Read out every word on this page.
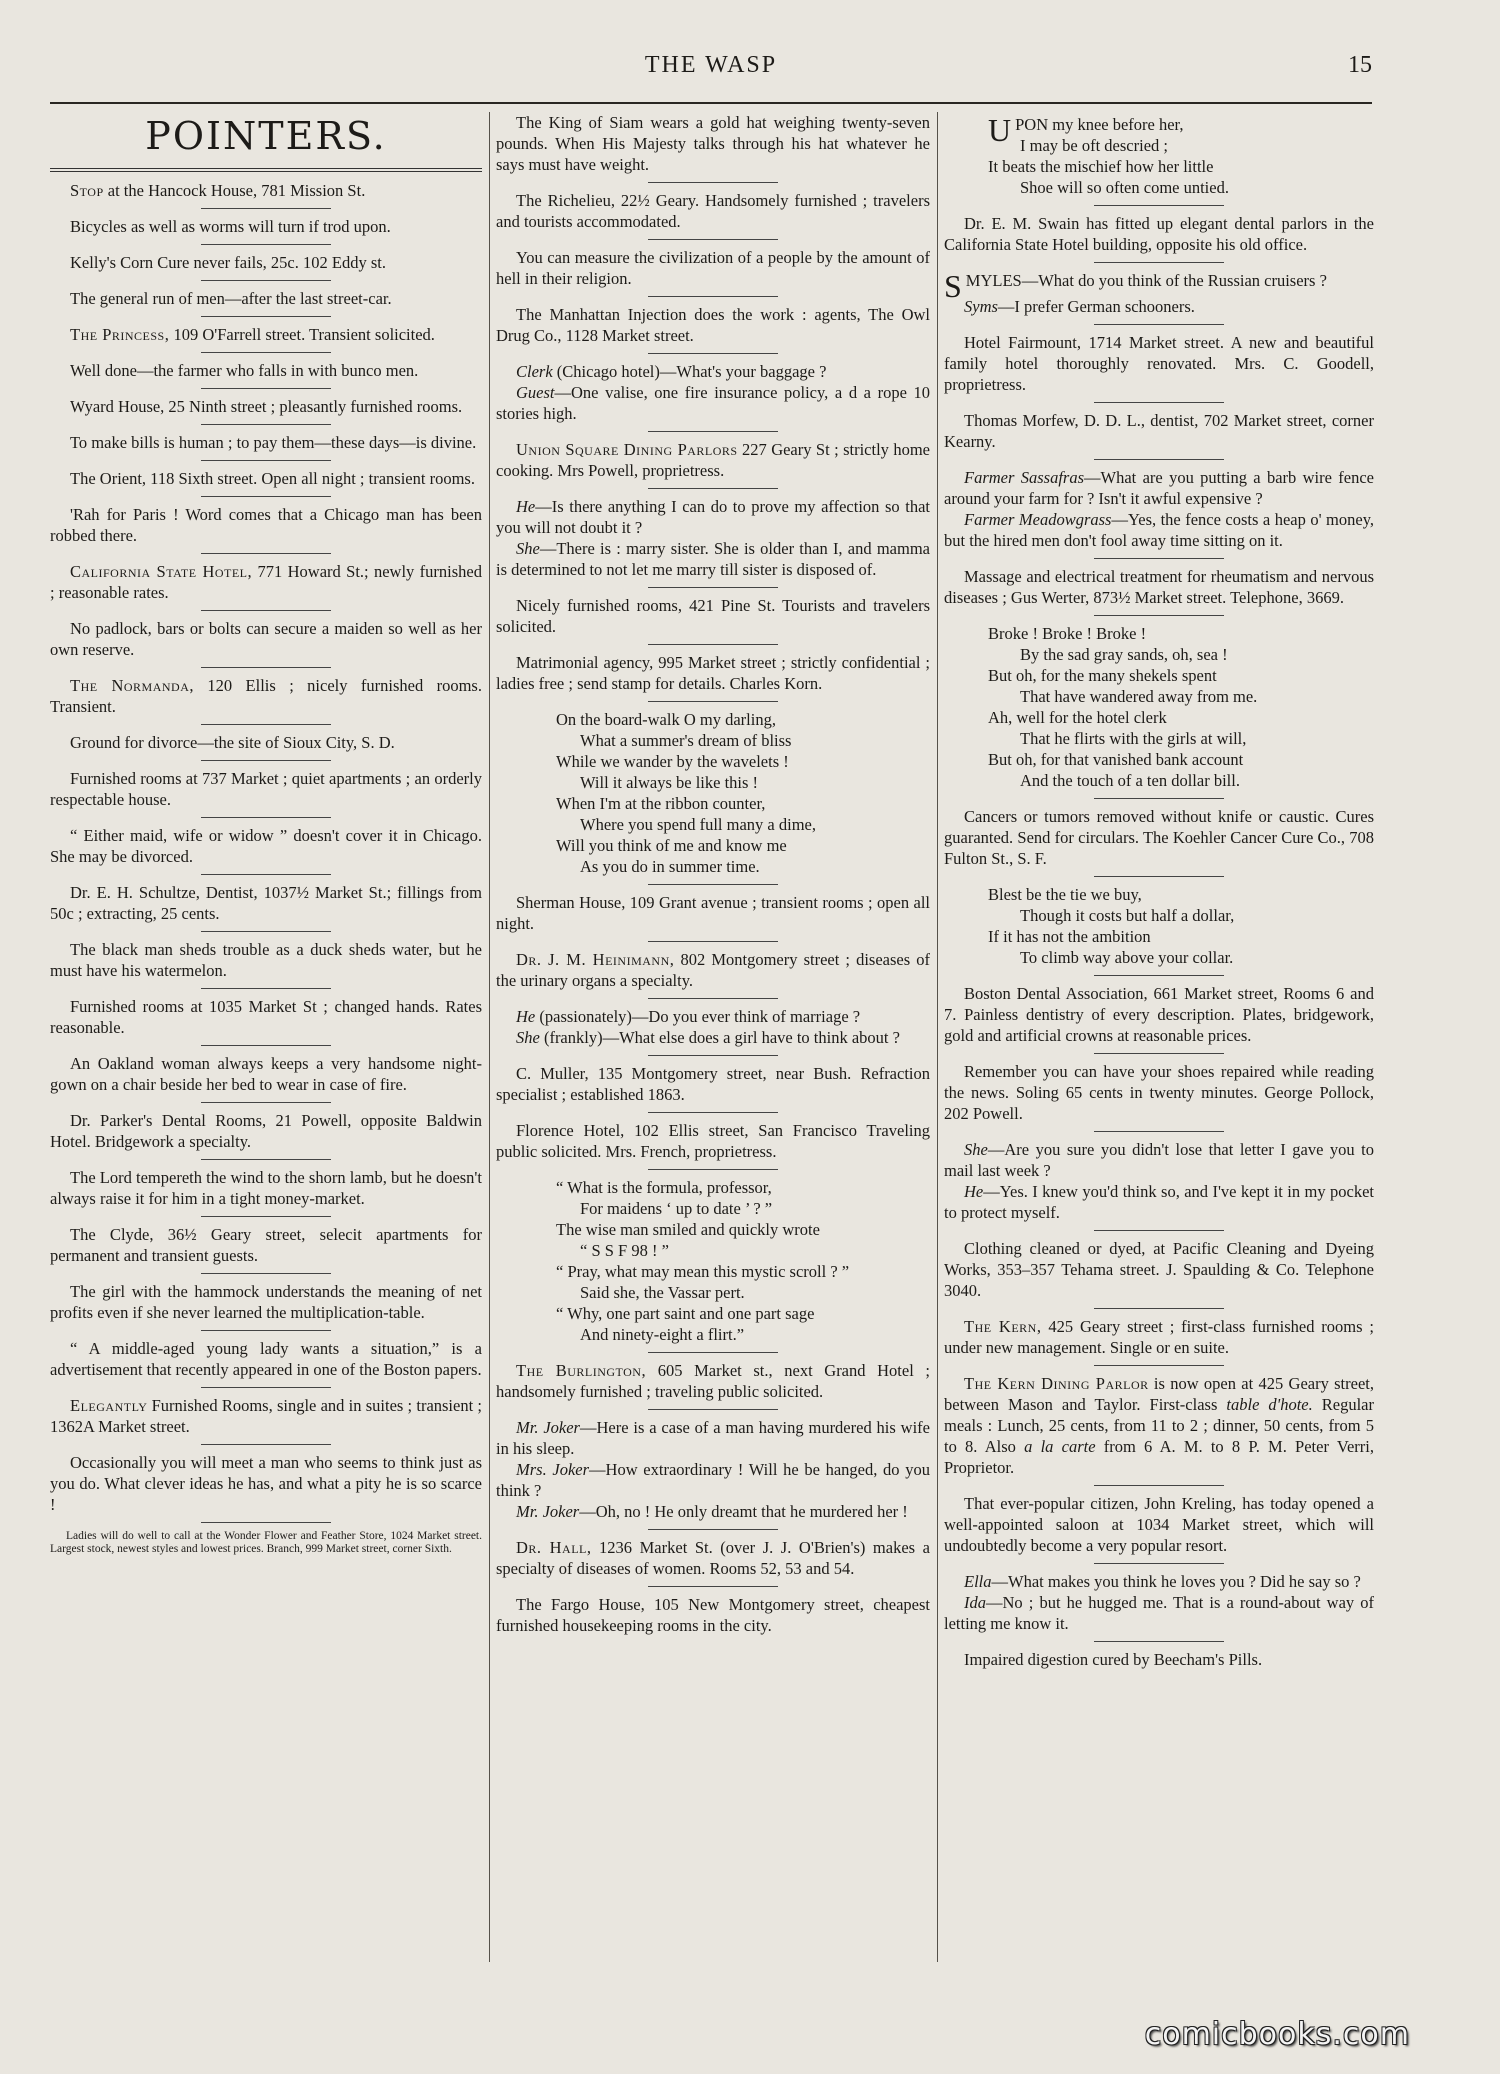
THE WASP	15
POINTERS.

Stop at the Hancock House, 781 Mission St.

Bicycles as well as worms will turn if trod upon.

Kelly's Corn Cure never fails, 25c. 102 Eddy st.

The general run of men—after the last street-car.

The Princess, 109 O'Farrell street. Transient solicited.

Well done—the farmer who falls in with bunco men.

Wyard House, 25 Ninth street ; pleasantly furnished rooms.

To make bills is human ; to pay them—these days—is divine.

The Orient, 118 Sixth street. Open all night ; transient rooms.

'Rah for Paris ! Word comes that a Chicago man has been robbed there.

California State Hotel, 771 Howard St.; newly furnished ; reasonable rates.

No padlock, bars or bolts can secure a maiden so well as her own reserve.

The Normanda, 120 Ellis ; nicely furnished rooms. Transient.

Ground for divorce—the site of Sioux City, S. D.

Furnished rooms at 737 Market ; quiet apartments ; an orderly respectable house.

“ Either maid, wife or widow ” doesn't cover it in Chicago. She may be divorced.

Dr. E. H. Schultze, Dentist, 1037½ Market St.; fillings from 50c ; extracting, 25 cents.

The black man sheds trouble as a duck sheds water, but he must have his watermelon.

Furnished rooms at 1035 Market St ; changed hands. Rates reasonable.

An Oakland woman always keeps a very handsome night-gown on a chair beside her bed to wear in case of fire.

Dr. Parker's Dental Rooms, 21 Powell, opposite Baldwin Hotel. Bridgework a specialty.

The Lord tempereth the wind to the shorn lamb, but he doesn't always raise it for him in a tight money-market.

The Clyde, 36½ Geary street, selecit apartments for permanent and transient guests.

The girl with the hammock understands the meaning of net profits even if she never learned the multiplication-table.

“ A middle-aged young lady wants a situation,” is a advertisement that recently appeared in one of the Boston papers.

Elegantly Furnished Rooms, single and in suites ; transient ; 1362A Market street.

Occasionally you will meet a man who seems to think just as you do. What clever ideas he has, and what a pity he is so scarce !

Ladies will do well to call at the Wonder Flower and Feather Store, 1024 Market street. Largest stock, newest styles and lowest prices. Branch, 999 Market street, corner Sixth.

The King of Siam wears a gold hat weighing twenty-seven pounds. When His Majesty talks through his hat whatever he says must have weight.

The Richelieu, 22½ Geary. Handsomely furnished ; travelers and tourists accommodated.

You can measure the civilization of a people by the amount of hell in their religion.

The Manhattan Injection does the work : agents, The Owl Drug Co., 1128 Market street.

Clerk (Chicago hotel)—What's your baggage ?

Guest—One valise, one fire insurance policy, a d a rope 10 stories high.

Union Square Dining Parlors 227 Geary St ; strictly home cooking. Mrs Powell, proprietress.

He—Is there anything I can do to prove my affection so that you will not doubt it ?

She—There is : marry sister. She is older than I, and mamma is determined to not let me marry till sister is disposed of.

Nicely furnished rooms, 421 Pine St. Tourists and travelers solicited.

Matrimonial agency, 995 Market street ; strictly confidential ; ladies free ; send stamp for details. Charles Korn.

On the board-walk O my darling,
What a summer's dream of bliss
While we wander by the wavelets !
Will it always be like this !
When I'm at the ribbon counter,
Where you spend full many a dime,
Will you think of me and know me
As you do in summer time.

Sherman House, 109 Grant avenue ; transient rooms ; open all night.

Dr. J. M. Heinimann, 802 Montgomery street ; diseases of the urinary organs a specialty.

He (passionately)—Do you ever think of marriage ?

She (frankly)—What else does a girl have to think about ?

C. Muller, 135 Montgomery street, near Bush. Refraction specialist ; established 1863.

Florence Hotel, 102 Ellis street, San Francisco Traveling public solicited. Mrs. French, proprietress.

“ What is the formula, professor,
For maidens ‘ up to date ’ ? ”
The wise man smiled and quickly wrote
“ S S F 98 ! ”
“ Pray, what may mean this mystic scroll ? ”
Said she, the Vassar pert.
“ Why, one part saint and one part sage
And ninety-eight a flirt.”

The Burlington, 605 Market st., next Grand Hotel ; handsomely furnished ; traveling public solicited.

Mr. Joker—Here is a case of a man having murdered his wife in his sleep.

Mrs. Joker—How extraordinary ! Will he be hanged, do you think ?

Mr. Joker—Oh, no ! He only dreamt that he murdered her !

Dr. Hall, 1236 Market St. (over J. J. O'Brien's) makes a specialty of diseases of women. Rooms 52, 53 and 54.

The Fargo House, 105 New Montgomery street, cheapest furnished housekeeping rooms in the city.

UPON my knee before her,
I may be oft descried ;
It beats the mischief how her little
Shoe will so often come untied.

Dr. E. M. Swain has fitted up elegant dental parlors in the California State Hotel building, opposite his old office.

SMYLES—What do you think of the Russian cruisers ?

Syms—I prefer German schooners.

Hotel Fairmount, 1714 Market street. A new and beautiful family hotel thoroughly renovated. Mrs. C. Goodell, proprietress.

Thomas Morfew, D. D. L., dentist, 702 Market street, corner Kearny.

Farmer Sassafras—What are you putting a barb wire fence around your farm for ? Isn't it awful expensive ?

Farmer Meadowgrass—Yes, the fence costs a heap o' money, but the hired men don't fool away time sitting on it.

Massage and electrical treatment for rheumatism and nervous diseases ; Gus Werter, 873½ Market street. Telephone, 3669.

Broke ! Broke ! Broke !
By the sad gray sands, oh, sea !
But oh, for the many shekels spent
That have wandered away from me.
Ah, well for the hotel clerk
That he flirts with the girls at will,
But oh, for that vanished bank account
And the touch of a ten dollar bill.

Cancers or tumors removed without knife or caustic. Cures guaranted. Send for circulars. The Koehler Cancer Cure Co., 708 Fulton St., S. F.

Blest be the tie we buy,
Though it costs but half a dollar,
If it has not the ambition
To climb way above your collar.

Boston Dental Association, 661 Market street, Rooms 6 and 7. Painless dentistry of every description. Plates, bridgework, gold and artificial crowns at reasonable prices.

Remember you can have your shoes repaired while reading the news. Soling 65 cents in twenty minutes. George Pollock, 202 Powell.

She—Are you sure you didn't lose that letter I gave you to mail last week ?

He—Yes. I knew you'd think so, and I've kept it in my pocket to protect myself.

Clothing cleaned or dyed, at Pacific Cleaning and Dyeing Works, 353–357 Tehama street. J. Spaulding & Co. Telephone 3040.

The Kern, 425 Geary street ; first-class furnished rooms ; under new management. Single or en suite.

The Kern Dining Parlor is now open at 425 Geary street, between Mason and Taylor. First-class table d'hote. Regular meals : Lunch, 25 cents, from 11 to 2 ; dinner, 50 cents, from 5 to 8. Also a la carte from 6 A. M. to 8 P. M. Peter Verri, Proprietor.

That ever-popular citizen, John Kreling, has today opened a well-appointed saloon at 1034 Market street, which will undoubtedly become a very popular resort.

Ella—What makes you think he loves you ? Did he say so ?

Ida—No ; but he hugged me. That is a round-about way of letting me know it.

Impaired digestion cured by Beecham's Pills.

comicbooks.com
